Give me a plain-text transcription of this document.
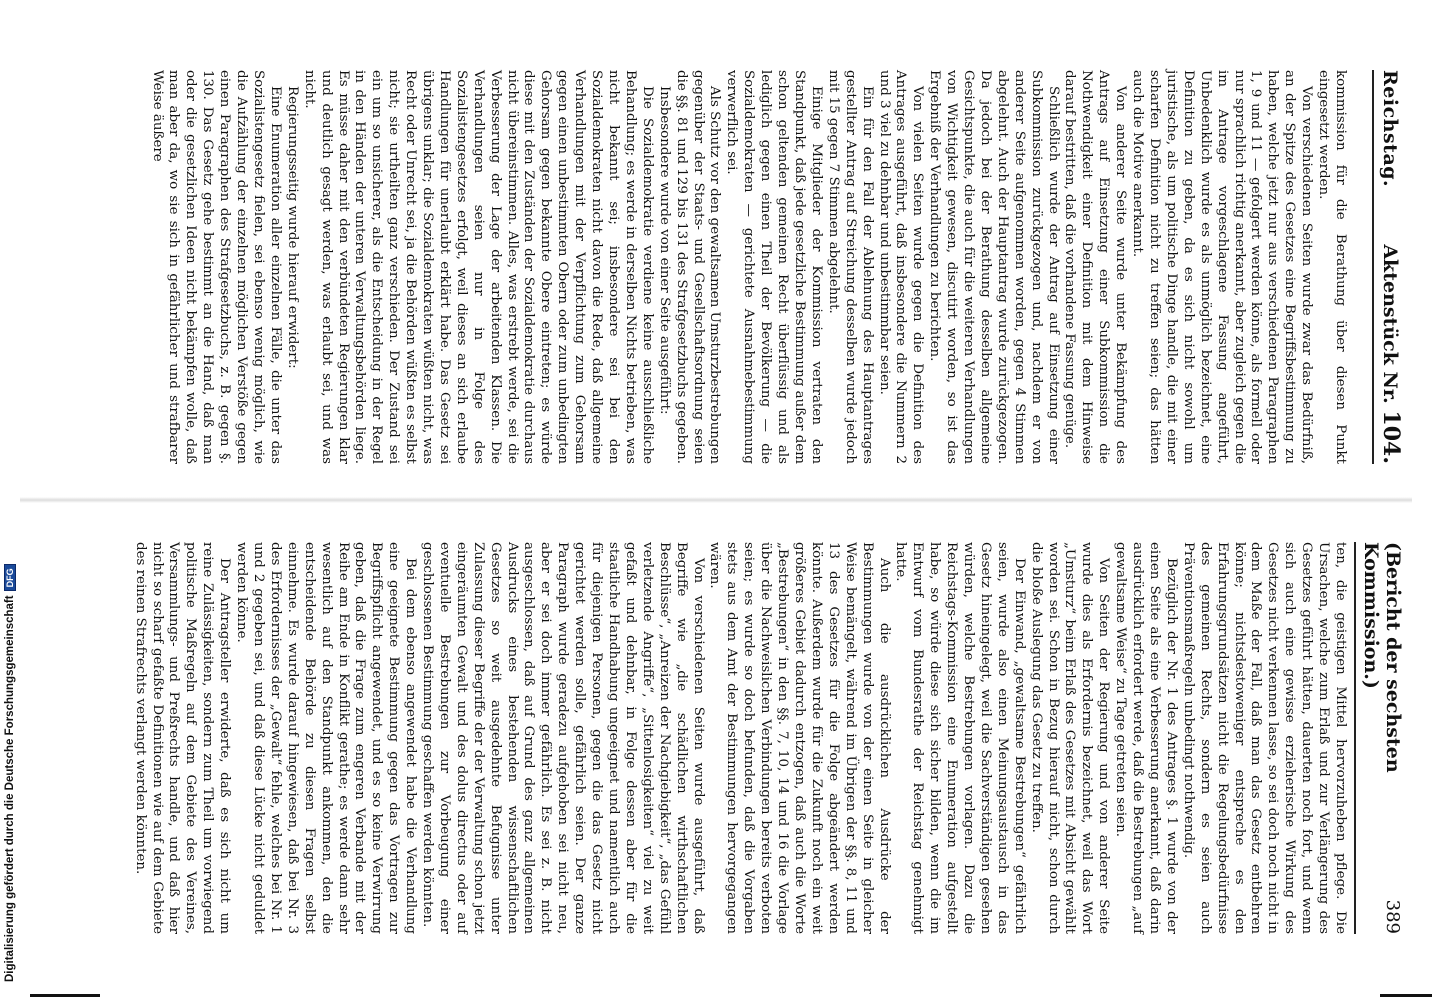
Reichstag.
Aktenstück Nr. 104.

kommission für die Berathung über diesen Punkt eingesetzt werden.

Von verschiedenen Seiten wurde zwar das Bedürfniß, an der Spitze des Gesetzes eine Begriffsbestimmung zu haben, welche jetzt nur aus verschiedenen Paragraphen 1, 9 und 11 — gefolgert werden könne, als formell oder nur sprachlich richtig anerkannt, aber zugleich gegen die im Antrage vorgeschlagene Fassung angeführt, Unbedenklich wurde es als unmöglich bezeichnet, eine Definition zu geben, da es sich nicht sowohl um juristische, als um politische Dinge handle, die mit einer scharfen Definition nicht zu treffen seien; das hätten auch die Motive anerkannt.

Von anderer Seite wurde unter Bekämpfung des Antrags auf Einsetzung einer Subkommission die Nothwendigkeit einer Definition mit dem Hinweise darauf bestritten, daß die vorhandene Fassung genüge.

Schließlich wurde der Antrag auf Einsetzung einer Subkommission zurückgezogen und, nachdem er von anderer Seite aufgenommen worden, gegen 4 Stimmen abgelehnt. Auch der Hauptantrag wurde zurückgezogen. Da jedoch bei der Berathung desselben allgemeine Gesichtspunkte, die auch für die weiteren Verhandlungen von Wichtigkeit gewesen, discutirt worden, so ist das Ergebniß der Verhandlungen zu berichten.

Von vielen Seiten wurde gegen die Definition des Antrages ausgeführt, daß insbesondere die Nummern 2 und 3 viel zu dehnbar und unbestimmbar seien.

Ein für den Fall der Ablehnung des Hauptantrages gestellter Antrag auf Streichung desselben wurde jedoch mit 15 gegen 7 Stimmen abgelehnt.

Einige Mitglieder der Kommission vertraten den Standpunkt, daß jede gesetzliche Bestimmung außer dem schon geltenden gemeinen Recht überflüssig und als lediglich gegen einen Theil der Bevölkerung — die Sozialdemokraten — gerichtete Ausnahmebestimmung verwerflich sei.

Als Schutz vor den gewaltsamen Umsturzbestrebungen gegenüber der Staats- und Gesellschaftsordnung seien die §§. 81 und 129 bis 131 des Strafgesetzbuchs gegeben.

Insbesondere wurde von einer Seite ausgeführt:

Die Sozialdemokratie verdiene keine ausschließliche Behandlung; es werde in derselben Nichts betrieben, was nicht bekannt sei; insbesondere sei bei den Sozialdemokraten nicht davon die Rede, daß allgemeine Verhandlungen mit der Verpflichtung zum Gehorsam gegen einen unbestimmten Obern oder zum unbedingten Gehorsam gegen bekannte Obere eintreten; es würde diese mit den Zuständen der Sozialdemokratie durchaus nicht übereinstimmen. Alles, was erstrebt werde, sei die Verbesserung der Lage der arbeitenden Klassen. Die Verhandlungen seien nur in Folge des Sozialistengesetzes erfolgt, weil dieses an sich erlaube Handlungen für unerlaubt erklärt habe. Das Gesetz sei übrigens unklar; die Sozialdemokraten wüßten nicht, was Recht oder Unrecht sei, ja die Behörden wüßten es selbst nicht; sie urtheilten ganz verschieden. Der Zustand sei ein um so unsicherer, als die Entscheidung in der Regel in den Händen der unteren Verwaltungsbehörden liege. Es müsse daher mit den verbündeten Regierungen klar und deutlich gesagt werden, was erlaubt sei, und was nicht.

Regierungsseitig wurde hierauf erwidert:

Eine Enumeration aller einzelnen Fälle, die unter das Sozialistengesetz fielen, sei ebenso wenig möglich, wie die Aufzählung der einzelnen möglichen Verstöße gegen einen Paragraphen des Strafgesetzbuchs, z. B. gegen §. 130. Das Gesetz gehe bestimmt an die Hand, daß man oder die gesetzlichen Ideen nicht bekämpfen wolle, daß man aber da, wo sie sich in gefährlicher und strafbarer Weise äußere

(Bericht der sechsten Kommission.)
389

ten, die geistigen Mittel hervorzuheben pflege. Die Ursachen, welche zum Erlaß und zur Verlängerung des Gesetzes geführt hätten, dauerten noch fort, und wenn sich auch eine gewisse erzieherische Wirkung des Gesetzes nicht verkennen lasse, so sei doch noch nicht in dem Maße der Fall, daß man das Gesetz entbehren könne; nichtsdestoweniger entspreche es den Erfahrungsgrundsätzen nicht die Regelungsbedürfnisse des gemeinen Rechts, sondern es seien auch Präventionsmaßregeln unbedingt nothwendig.

Bezüglich der Nr. 1 des Antrages §. 1 wurde von der einen Seite als eine Verbesserung anerkannt, daß darin ausdrücklich erfordert werde, daß die Bestrebungen „auf gewaltsame Weise“ zu Tage getreten seien.

Von Seiten der Regierung und von anderer Seite wurde dies als Erfordernis bezeichnet, weil das Wort „Umsturz“ beim Erlaß des Gesetzes mit Absicht gewählt worden sei. Schon in Bezug hierauf nicht, schon durch die bloße Auslegung das Gesetz zu treffen.

Der Einwand, „gewaltsame Bestrebungen“ gefährlich seien, wurde also einen Meinungsaustausch in das Gesetz hineingelegt, weil die Sachverständigen gesehen würden, welche Bestrebungen vorlagen. Dazu die Reichstags-Kommission eine Enumeration aufgestellt habe, so würde diese sich sicher bilden, wenn die im Entwurf vom Bundesrathe der Reichstag genehmigt hatte.

Auch die ausdrücklichen Ausdrücke der Bestimmungen wurde von der einen Seite in gleicher Weise bemängelt, während im Übrigen der §§. 8, 11 und 13 des Gesetzes für die Folge abgeändert werden könnte. Außerdem wurde für die Zukunft noch ein weit größeres Gebiet dadurch entzogen, daß auch die Worte „Bestrebungen“ in den §§. 7, 10, 14 und 16 die Vorlage über die Nachweislichen Verbindungen bereits verboten seien; es wurde so doch befunden, daß die Vorgaben stets aus dem Amt der Bestimmungen hervorgegangen wären.

Von verschiedenen Seiten wurde ausgeführt, daß Begriffe wie „die schädlichen wirthschaftlichen Beschlüsse“, „Anreizen der Nachgiebigkeit“, „das Gefühl verletzende Angriffe“, „Sittenlosigkeiten“ viel zu weit gefaßt und dehnbar, in Folge dessen aber für die staatliche Handhabung ungeeignet und namentlich auch für diejenigen Personen, gegen die das Gesetz nicht gerichtet werden solle, gefährlich seien. Der ganze Paragraph wurde geradezu aufgehoben sei nicht neu, aber er sei doch immer gefährlich. Es sei z. B. nicht ausgeschlossen, daß auf Grund des ganz allgemeinen Ausdrucks eines bestehenden wissenschaftlichen Gesetzes so weit ausgedehnte Befugnisse unter Zulassung dieser Begriffe der der Verwaltung schon jetzt eingeräumten Gewalt und des dolus directus oder auf eventuelle Bestrebungen zur Vorbeugung einer geschlossenen Bestimmung geschaffen werden könnten.

Bei dem ebenso angewendet habe die Verhandlung eine geeignete Bestimmung gegen das Vortragen zur Begriffspflicht angewendet, und es so keine Verwirrung geben, daß die Frage zum engeren Verbande mit der Reihe am Ende in Konflikt gerathe; es werde dann sehr wesentlich auf den Standpunkt ankommen, den die entscheidende Behörde zu diesen Fragen selbst einnehme. Es wurde darauf hingewiesen, daß bei Nr. 3 des Erfordernisses der „Gewalt“ fehle, welches bei Nr. 1 und 2 gegeben sei, und daß diese Lücke nicht geduldet werden könne.

Der Antragsteller erwiderte, daß es sich nicht um reine Zulässigkeiten, sondern zum Theil um vorwiegend politische Maßregeln auf dem Gebiete des Vereines, Versammlungs- und Preßrechts handle, und daß hier nicht so scharf gefaßte Definitionen wie auf dem Gebiete des reinen Strafrechts verlangt werden könnten.

Digitalisierung gefördert durch die Deutsche ForschungsgemeinschaftDFG
